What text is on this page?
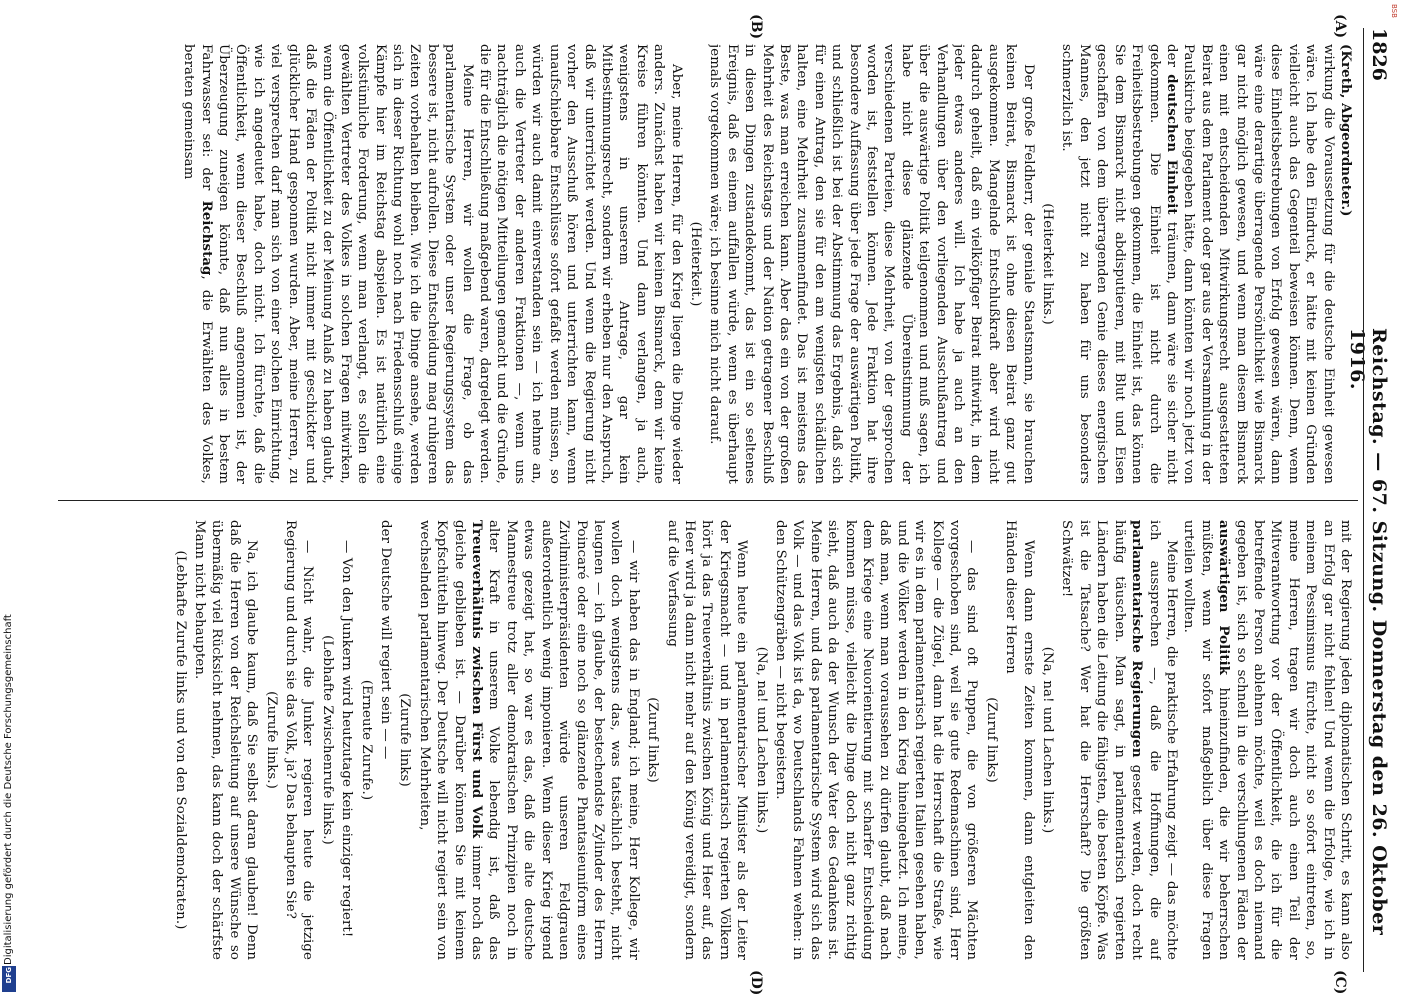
1826
Reichstag. — 67. Sitzung. Donnerstag den 26. Oktober 1916.
(A)
(B)
(C)
(D)

(Kreth, Abgeordneter.)

wirkung die Voraussetzung für die deutsche Einheit gewesen wäre. Ich habe den Eindruck, er hätte mit keinen Gründen vielleicht auch das Gegenteil beweisen können. Denn, wenn diese Einheitsbestrebungen von Erfolg gewesen wären, dann wäre eine derartige überragende Persönlichkeit wie Bismarck gar nicht möglich gewesen, und wenn man diesem Bismarck einen mit entscheidenden Mitwirkungsrecht ausgestatteten Beirat aus dem Parlament oder gar aus der Versammlung in der Paulskirche beigegeben hätte, dann könnten wir noch jetzt von der deutschen Einheit träumen, dann wäre sie sicher nicht gekommen. Die Einheit ist nicht durch die Freiheitsbestrebungen gekommen, die Einheit ist, das können Sie dem Bismarck nicht abdisputieren, mit Blut und Eisen geschaffen von dem überragenden Genie dieses energischen Mannes, den jetzt nicht zu haben für uns besonders schmerzlich ist.

(Heiterkeit links.)

Der große Feldherr, der geniale Staatsmann, sie brauchen keinen Beirat, Bismarck ist ohne diesen Beirat ganz gut ausgekommen. Mangelnde Entschlußkraft aber wird nicht dadurch geheilt, daß ein vielköpfiger Beirat mitwirkt, in dem jeder etwas anderes will. Ich habe ja auch an den Verhandlungen über den vorliegenden Ausschußantrag und über die auswärtige Politik teilgenommen und muß sagen, ich habe nicht diese glänzende Übereinstimmung der verschiedenen Parteien, diese Mehrheit, von der gesprochen worden ist, feststellen können. Jede Fraktion hat ihre besondere Auffassung über jede Frage der auswärtigen Politik, und schließlich ist bei der Abstimmung das Ergebnis, daß sich für einen Antrag, den sie für den am wenigsten schädlichen halten, eine Mehrheit zusammenfindet. Das ist meistens das Beste, was man erreichen kann. Aber das ein von der großen Mehrheit des Reichstags und der Nation getragener Beschluß in diesen Dingen zustandekommt, das ist ein so seltenes Ereignis, daß es einem auffallen würde, wenn es überhaupt jemals vorgekommen wäre; ich besinne mich nicht darauf.

(Heiterkeit.)

Aber, meine Herren, für den Krieg liegen die Dinge wieder anders. Zunächst haben wir keinen Bismarck, dem wir keine Kreise führen könnten. Und dann verlangen, ja auch, wenigstens in unserem Antrage, gar kein Mitbestimmungsrecht, sondern wir erheben nur den Anspruch, daß wir unterrichtet werden. Und wenn die Regierung nicht vorher den Ausschuß hören und unterrichten kann, wenn unaufschiebbare Entschlüsse sofort gefaßt werden müssen, so würden wir auch damit einverstanden sein — ich nehme an, auch die Vertreter der anderen Fraktionen —, wenn uns nachträglich die nötigen Mitteilungen gemacht und die Gründe, die für die Entschließung maßgebend waren, dargelegt werden.

Meine Herren, wir wollen die Frage, ob das parlamentarische System oder unser Regierungssystem das bessere ist, nicht aufrollen. Diese Entscheidung mag ruhigeren Zeiten vorbehalten bleiben. Wie ich die Dinge ansehe, werden sich in dieser Richtung wohl noch nach Friedensschluß einige Kämpfe hier im Reichstag abspielen. Es ist natürlich eine volkstümliche Forderung, wenn man verlangt, es sollen die gewählten Vertreter des Volkes in solchen Fragen mitwirken, wenn die Öffentlichkeit zu der Meinung Anlaß zu haben glaubt, daß die Fäden der Politik nicht immer mit geschickter und glücklicher Hand gesponnen wurden. Aber, meine Herren, zu viel versprechen darf man sich von einer solchen Einrichtung, wie ich angedeutet habe, doch nicht. Ich fürchte, daß die Öffentlichkeit, wenn dieser Beschluß angenommen ist, der Überzeugung zuneigen könnte, daß nun alles in bestem Fahrwasser sei: der Reichstag, die Erwählten des Volkes, beraten gemeinsam

mit der Regierung jeden diplomatischen Schritt, es kann also an Erfolg gar nicht fehlen! Und wenn die Erfolge, wie ich in meinem Pessimismus fürchte, nicht so sofort eintreten, so, meine Herren, tragen wir doch auch einen Teil der Mitverantwortung vor der Öffentlichkeit, die ich für die betreffende Person ablehnen möchte, weil es doch niemand gegeben ist, sich so schnell in die verschlungenen Fäden der auswärtigen Politik hineinzufinden, die wir beherrschen müßten, wenn wir sofort maßgeblich über diese Fragen urteilen wollten.

Meine Herren, die praktische Erfahrung zeigt — das möchte ich aussprechen —, daß die Hoffnungen, die auf parlamentarische Regierungen gesetzt werden, doch recht häufig täuschen. Man sagt, in parlamentarisch regierten Ländern haben die Leitung die fähigsten, die besten Köpfe. Was ist die Tatsache? Wer hat die Herrschaft? Die größten Schwätzer!

(Na, na! und Lachen links.)

Wenn dann ernste Zeiten kommen, dann entgleiten den Händen dieser Herren

(Zuruf links)

— das sind oft Puppen, die von größeren Mächten vorgeschoben sind, weil sie gute Redemaschinen sind, Herr Kollege — die Zügel, dann hat die Herrschaft die Straße, wie wir es in dem parlamentarisch regierten Italien gesehen haben, und die Völker werden in den Krieg hineingehetzt. Ich meine, daß man, wenn man voraussehen zu dürfen glaubt, daß nach dem Kriege eine Neuorientierung mit scharfer Entscheidung kommen müsse, vielleicht die Dinge doch nicht ganz richtig sieht, daß auch da der Wunsch der Vater des Gedankens ist. Meine Herren, und das parlamentarische System wird sich das Volk — und das Volk ist da, wo Deutschlands Fahnen wehen: in den Schützengräben — nicht begeistern.

(Na, na! und Lachen links.)

Wenn heute ein parlamentarischer Minister als der Leiter der Kriegsmacht — und in parlamentarisch regierten Völkern hört ja das Treueverhältnis zwischen König und Heer auf, das Heer wird ja dann nicht mehr auf den König vereidigt, sondern auf die Verfassung

(Zuruf links)

— wir haben das in England; ich meine, Herr Kollege, wir wollen doch wenigstens das, was tatsächlich besteht, nicht leugnen — ich glaube, der bestechendste Zylinder des Herrn Poincaré oder eine noch so glänzende Phantasieuniform eines Zivilministerpräsidenten würde unseren Feldgrauen außerordentlich wenig imponieren. Wenn dieser Krieg irgend etwas gezeigt hat, so war es das, daß die alte deutsche Mannestreue trotz aller demokratischen Prinzipien noch in alter Kraft in unserem Volke lebendig ist, daß das Treueverhältnis zwischen Fürst und Volk immer noch das gleiche geblieben ist. — Darüber können Sie mit keinem Kopfschütteln hinweg. Der Deutsche will nicht regiert sein von wechselnden parlamentarischen Mehrheiten,

(Zurufe links)

der Deutsche will regiert sein — —

(Erneute Zurufe.)

— Von den Junkern wird heutzutage kein einziger regiert!

(Lebhafte Zwischenrufe links.)

— Nicht wahr, die Junker regieren heute die jetzige Regierung und durch sie das Volk, ja? Das behaupten Sie?

(Zurufe links.)

Na, ich glaube kaum, daß Sie selbst daran glauben! Denn daß die Herren von der Reichsleitung auf unsere Wünsche so übermäßig viel Rücksicht nehmen, das kann doch der schärfste Mann nicht behaupten.

(Lebhafte Zurufe links und von den Sozialdemokraten.)

BSB
Digitalisierung gefördert durch die Deutsche Forschungsgemeinschaft
DFG
